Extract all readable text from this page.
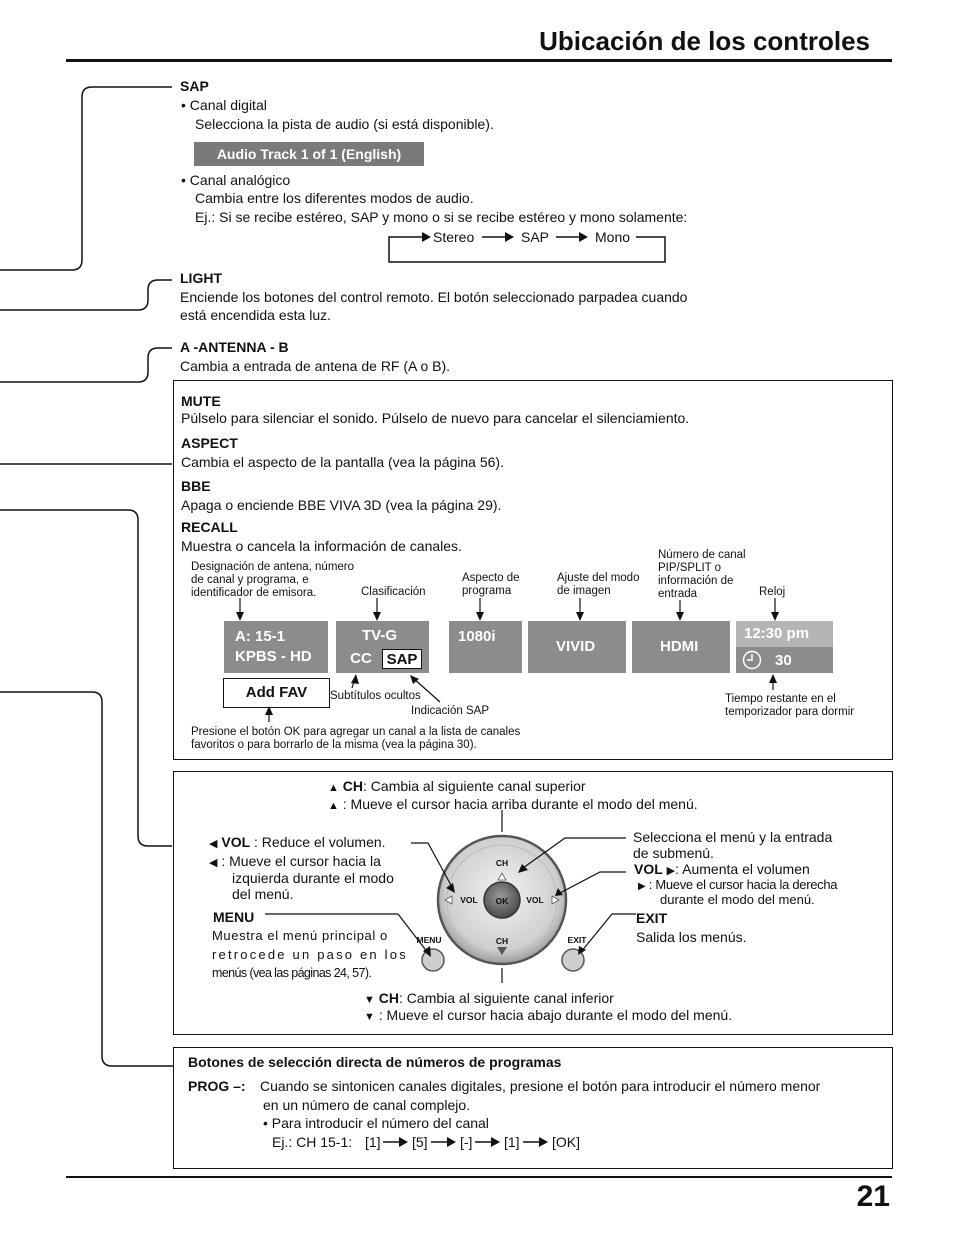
Ubicación de los controles
SAP
• Canal digital
Selecciona la pista de audio (si está disponible).
Audio Track 1 of 1 (English)
• Canal analógico
Cambia entre los diferentes modos de audio.
Ej.: Si se recibe estéreo, SAP y mono o si se recibe estéreo y mono solamente:
Stereo	SAP	Mono
LIGHT
Enciende los botones del control remoto. El botón seleccionado parpadea cuando
está encendida esta luz.
A -ANTENNA - B
Cambia a entrada de antena de RF (A o B).
MUTE
Púlselo para silenciar el sonido. Púlselo de nuevo para cancelar el silenciamiento.
ASPECT
Cambia el aspecto de la pantalla (vea la página 56).
BBE
Apaga o enciende BBE VIVA 3D (vea la página 29).
RECALL
Muestra o cancela la información de canales.
Designación de antena, número de canal y programa, e identificador de emisora.	Clasificación
Aspecto de programa
Ajuste del modo de imagen
Número de canal PIP/SPLIT o información de entrada	Reloj
A: 15-1
KPBS - HD
TV-G
CC SAP
1080i
VIVID	HDMI
12:30 pm
30
Add FAV	Subtítulos ocultos
Indicación SAP
Tiempo restante en el temporizador para dormir
Presione el botón OK para agregar un canal a la lista de canales
favoritos o para borrarlo de la misma (vea la página 30).
▲ CH: Cambia al siguiente canal superior
▲ : Mueve el cursor hacia arriba durante el modo del menú.
◀ VOL : Reduce el volumen.
◀ : Mueve el cursor hacia la
izquierda durante el modo
del menú.
MENU
Muestra el menú principal o
retrocede un paso en los
menús (vea las páginas 24, 57).
Selecciona el menú y la entrada
de submenú.
VOL ▶: Aumenta el volumen
▶ : Mueve el cursor hacia la derecha
durante el modo del menú.
EXIT
Salida los menús.
▼ CH: Cambia al siguiente canal inferior
▼ : Mueve el cursor hacia abajo durante el modo del menú.
CH
CH
VOL	VOL
OK
MENU	EXIT
Botones de selección directa de números de programas
PROG –: Cuando se sintonicen canales digitales, presione el botón para introducir el número menor
en un número de canal complejo.
• Para introducir el número del canal
Ej.: CH 15-1: [1] [5] [-] [1] [OK]
21
